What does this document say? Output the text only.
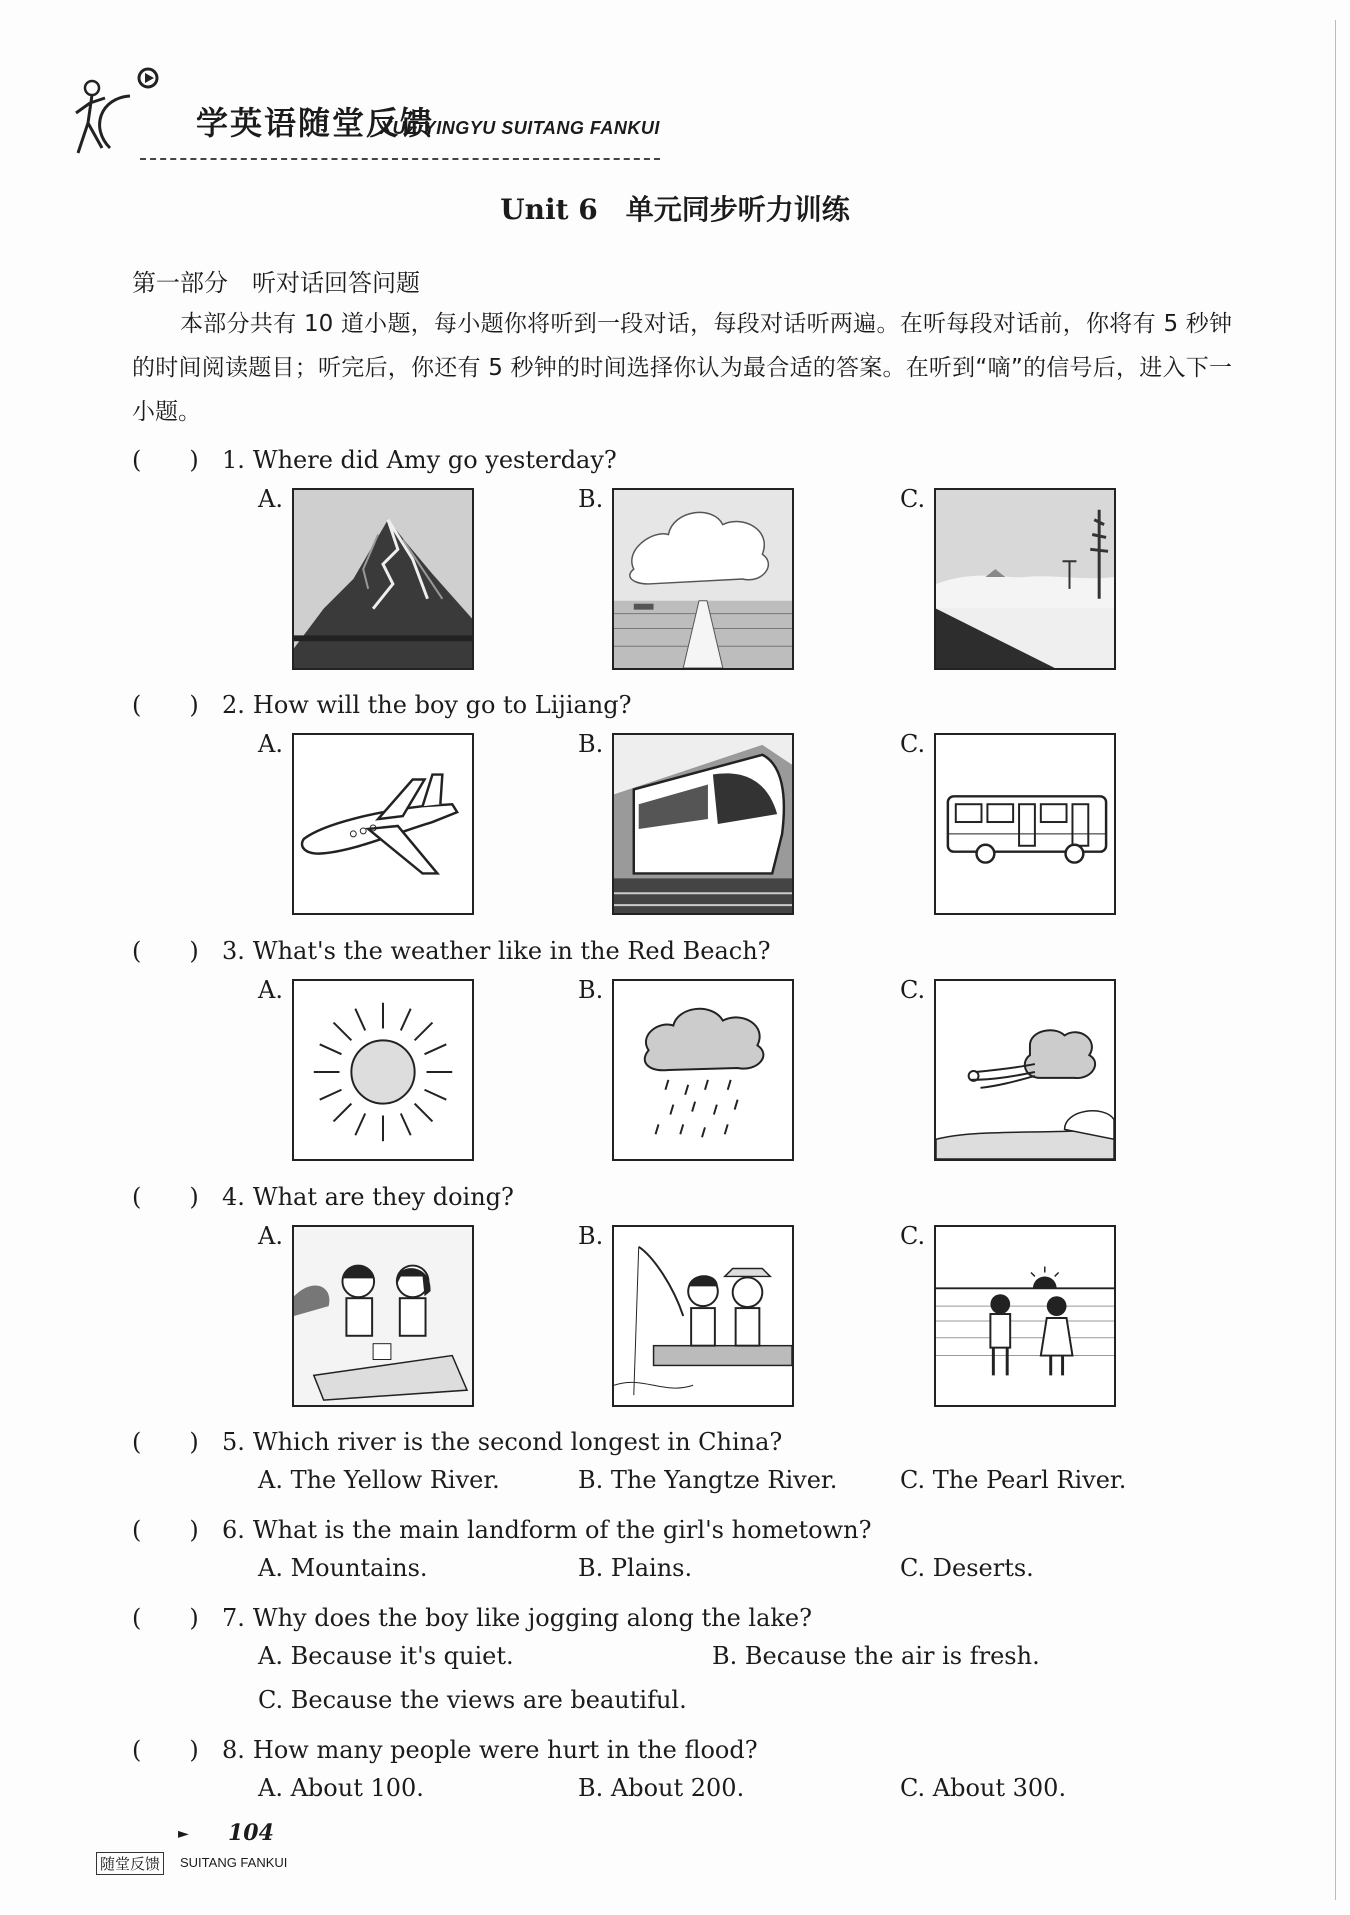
学英语随堂反馈
XUE YINGYU SUITANG FANKUI
Unit 6　单元同步听力训练
第一部分　听对话回答问题
本部分共有 10 道小题，每小题你将听到一段对话，每段对话听两遍。在听每段对话前，你将有 5 秒钟的时间阅读题目；听完后，你还有 5 秒钟的时间选择你认为最合适的答案。在听到“嘀”的信号后，进入下一小题。
(　　) 1. Where did Amy go yesterday?
A.	B.	C.
(　　) 2. How will the boy go to Lijiang?
A.	B.	C.
(　　) 3. What's the weather like in the Red Beach?
A.	B.	C.
(　　) 4. What are they doing?
A.	B.	C.
(　　) 5. Which river is the second longest in China?
A. The Yellow River.	B. The Yangtze River.	C. The Pearl River.
(　　) 6. What is the main landform of the girl's hometown?
A. Mountains.	B. Plains.	C. Deserts.
(　　) 7. Why does the boy like jogging along the lake?
A. Because it's quiet.	B. Because the air is fresh.
C. Because the views are beautiful.
(　　) 8. How many people were hurt in the flood?
A. About 100.	B. About 200.	C. About 300.
► 104
随堂反馈	SUITANG FANKUI
